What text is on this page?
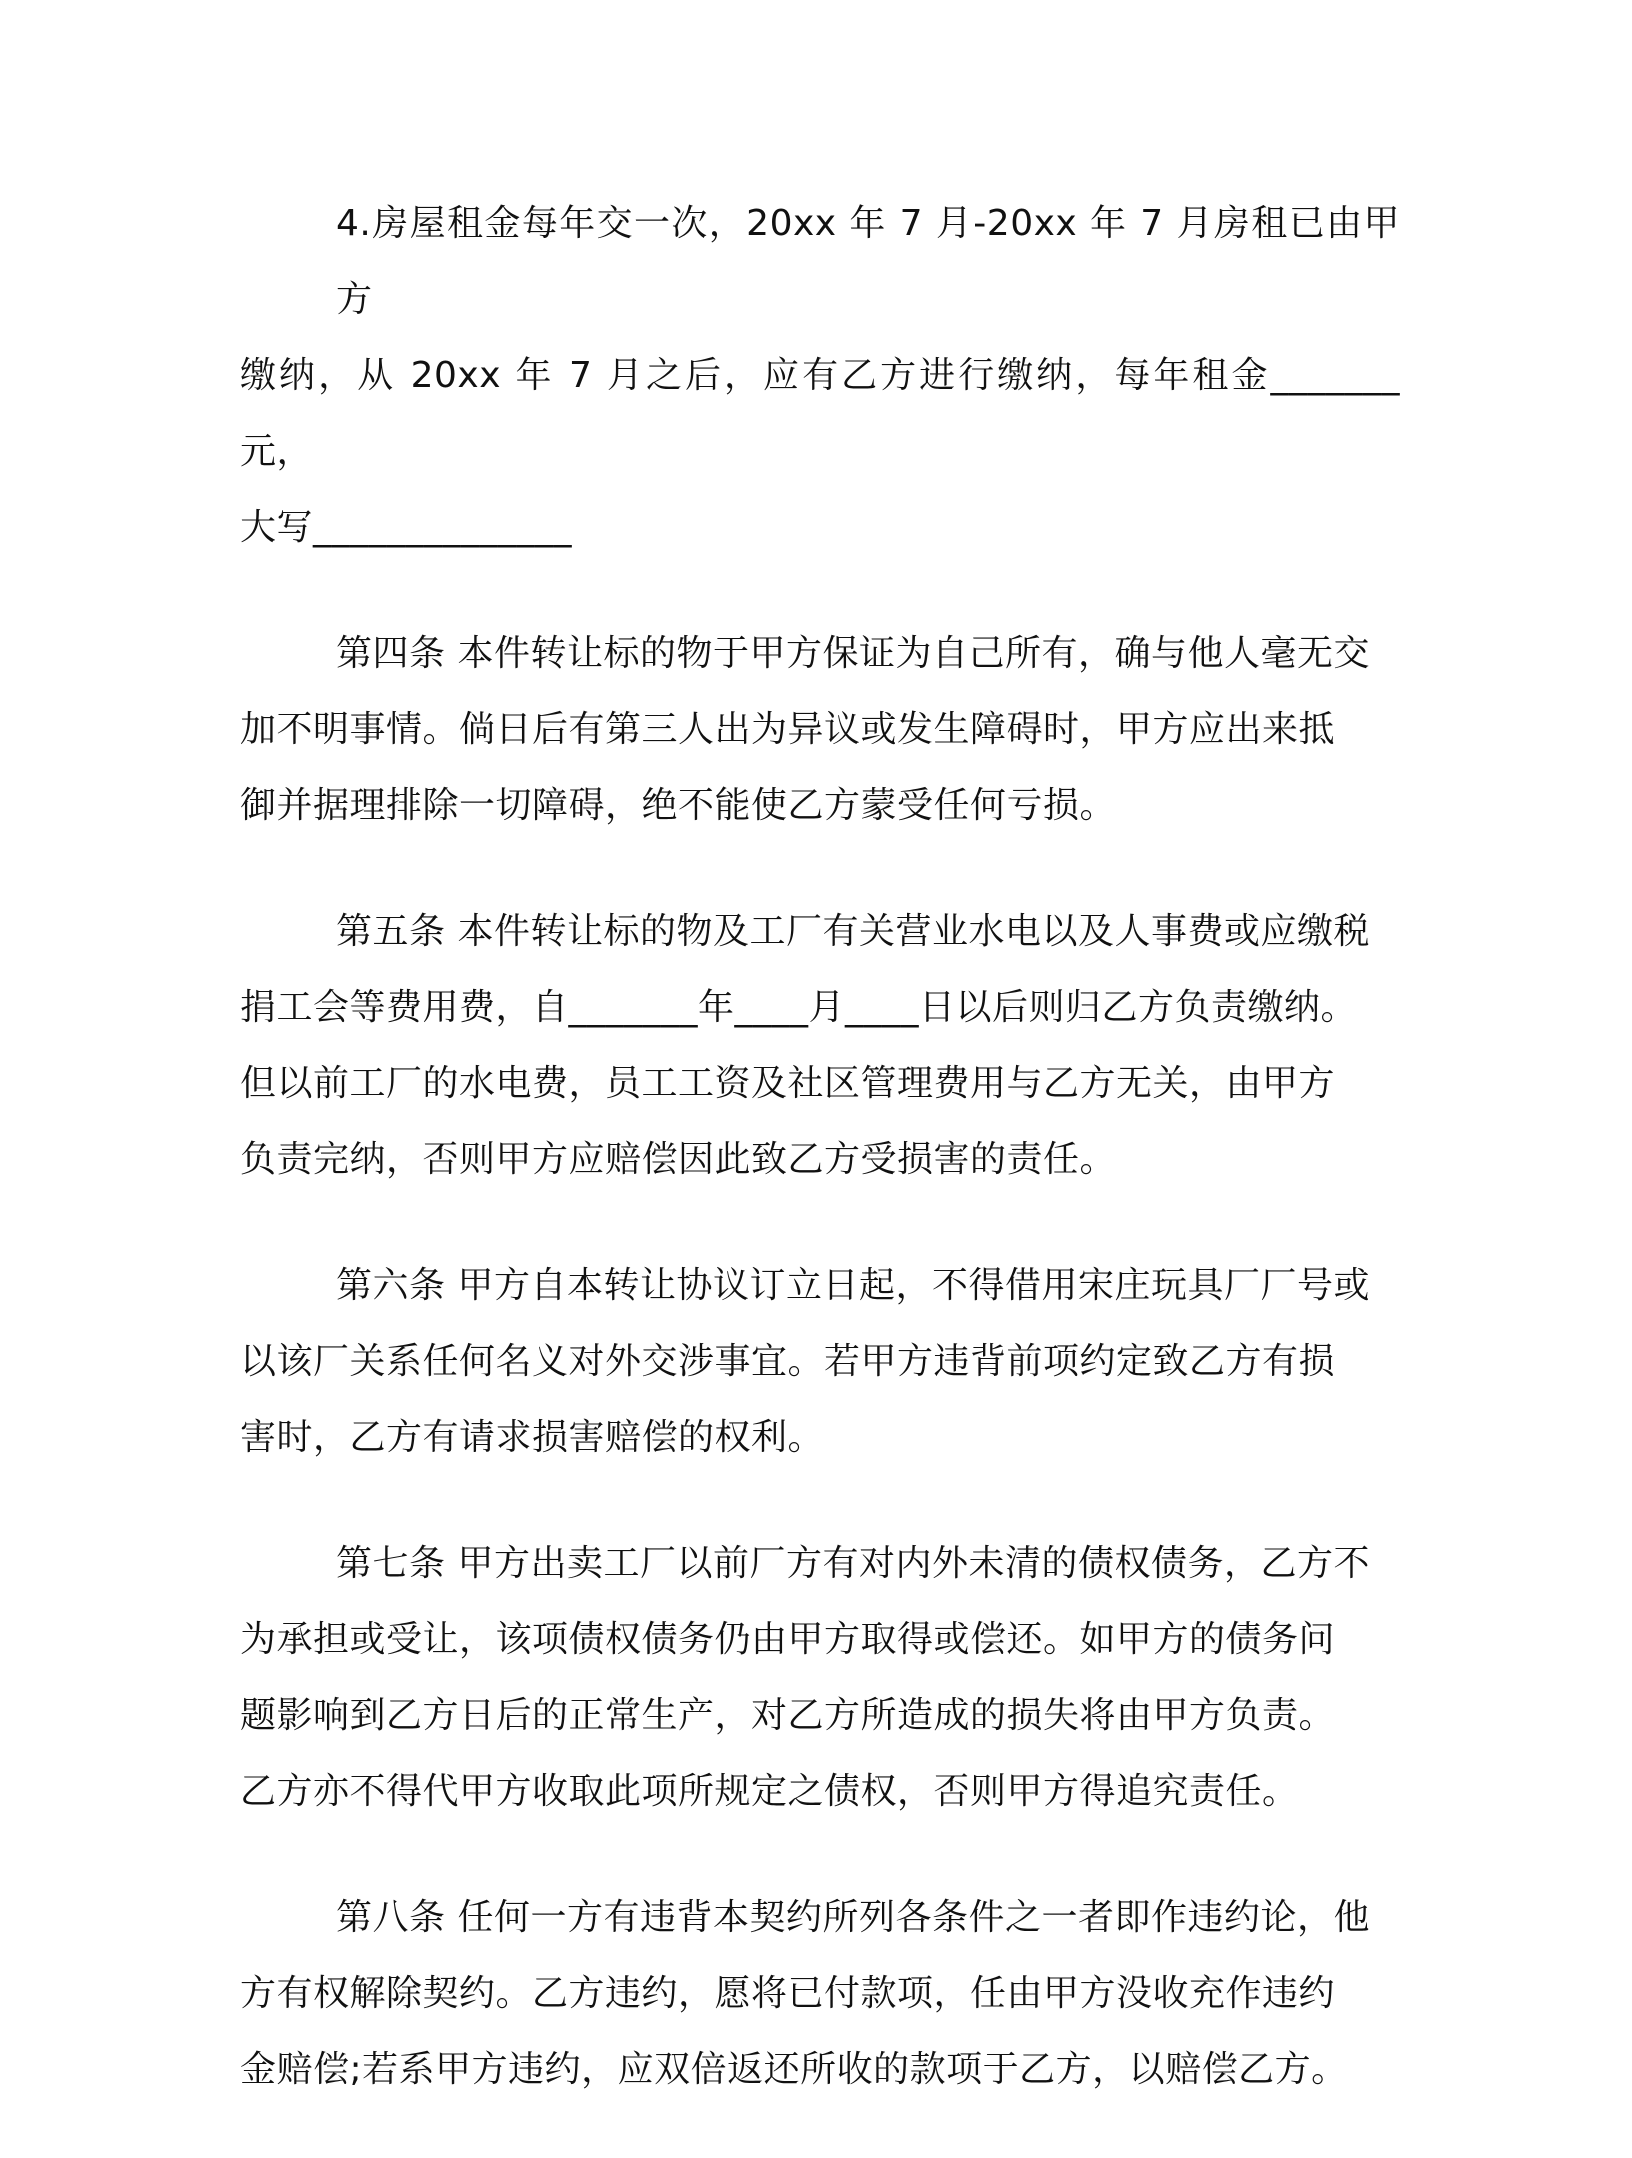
4.房屋租金每年交一次，20xx 年 7 月-20xx 年 7 月房租已由甲方
缴纳，从 20xx 年 7 月之后，应有乙方进行缴纳，每年租金_______元，
大写______________

第四条 本件转让标的物于甲方保证为自己所有，确与他人毫无交
加不明事情。倘日后有第三人出为异议或发生障碍时，甲方应出来抵
御并据理排除一切障碍，绝不能使乙方蒙受任何亏损。

第五条 本件转让标的物及工厂有关营业水电以及人事费或应缴税
捐工会等费用费，自_______年____月____日以后则归乙方负责缴纳。
但以前工厂的水电费，员工工资及社区管理费用与乙方无关，由甲方
负责完纳，否则甲方应赔偿因此致乙方受损害的责任。

第六条 甲方自本转让协议订立日起，不得借用宋庄玩具厂厂号或
以该厂关系任何名义对外交涉事宜。若甲方违背前项约定致乙方有损
害时，乙方有请求损害赔偿的权利。

第七条 甲方出卖工厂以前厂方有对内外未清的债权债务，乙方不
为承担或受让，该项债权债务仍由甲方取得或偿还。如甲方的债务问
题影响到乙方日后的正常生产，对乙方所造成的损失将由甲方负责。
乙方亦不得代甲方收取此项所规定之债权，否则甲方得追究责任。

第八条 任何一方有违背本契约所列各条件之一者即作违约论，他
方有权解除契约。乙方违约，愿将已付款项，任由甲方没收充作违约
金赔偿;若系甲方违约，应双倍返还所收的款项于乙方，以赔偿乙方。
